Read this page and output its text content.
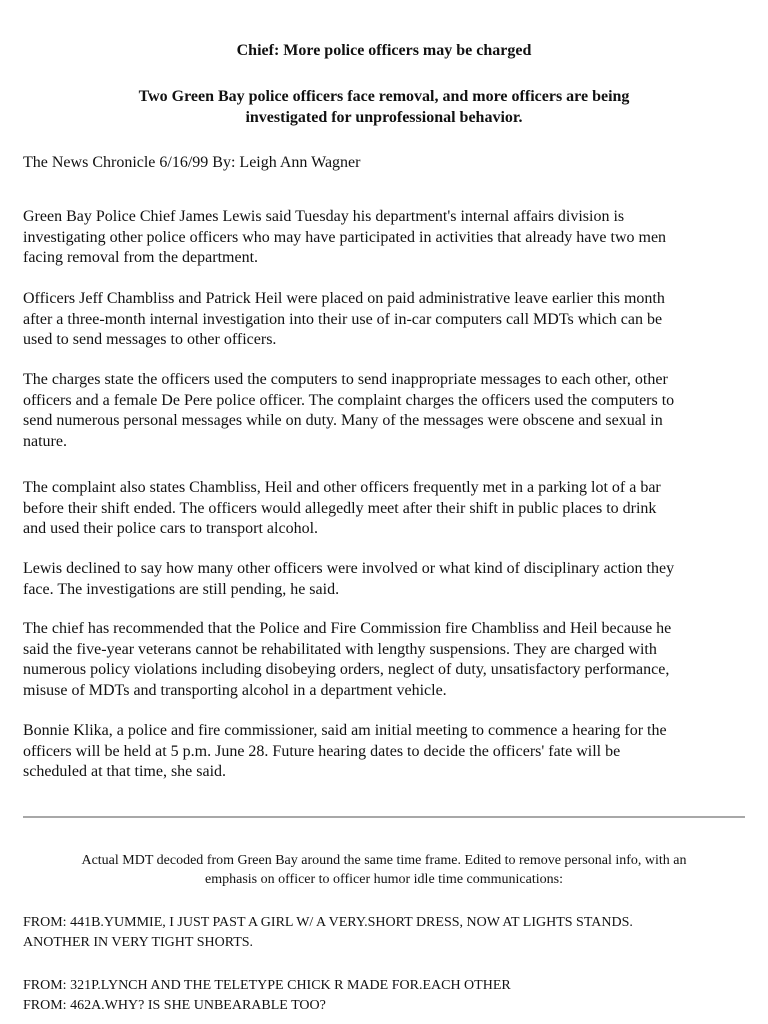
Chief: More police officers may be charged
Two Green Bay police officers face removal, and more officers are being
investigated for unprofessional behavior.

The News Chronicle 6/16/99 By: Leigh Ann Wagner

Green Bay Police Chief James Lewis said Tuesday his department's internal affairs division is
investigating other police officers who may have participated in activities that already have two men
facing removal from the department.

Officers Jeff Chambliss and Patrick Heil were placed on paid administrative leave earlier this month
after a three-month internal investigation into their use of in-car computers call MDTs which can be
used to send messages to other officers.

The charges state the officers used the computers to send inappropriate messages to each other, other
officers and a female De Pere police officer. The complaint charges the officers used the computers to
send numerous personal messages while on duty. Many of the messages were obscene and sexual in
nature.

The complaint also states Chambliss, Heil and other officers frequently met in a parking lot of a bar
before their shift ended. The officers would allegedly meet after their shift in public places to drink
and used their police cars to transport alcohol.

Lewis declined to say how many other officers were involved or what kind of disciplinary action they
face. The investigations are still pending, he said.

The chief has recommended that the Police and Fire Commission fire Chambliss and Heil because he
said the five-year veterans cannot be rehabilitated with lengthy suspensions. They are charged with
numerous policy violations including disobeying orders, neglect of duty, unsatisfactory performance,
misuse of MDTs and transporting alcohol in a department vehicle.

Bonnie Klika, a police and fire commissioner, said am initial meeting to commence a hearing for the
officers will be held at 5 p.m. June 28. Future hearing dates to decide the officers' fate will be
scheduled at that time, she said.

Actual MDT decoded from Green Bay around the same time frame. Edited to remove personal info, with an
emphasis on officer to officer humor idle time communications:

FROM: 441B.YUMMIE, I JUST PAST A GIRL W/ A VERY.SHORT DRESS, NOW AT LIGHTS STANDS.
ANOTHER IN VERY TIGHT SHORTS.

FROM: 321P.LYNCH AND THE TELETYPE CHICK R MADE FOR.EACH OTHER
FROM: 462A.WHY? IS SHE UNBEARABLE TOO?
